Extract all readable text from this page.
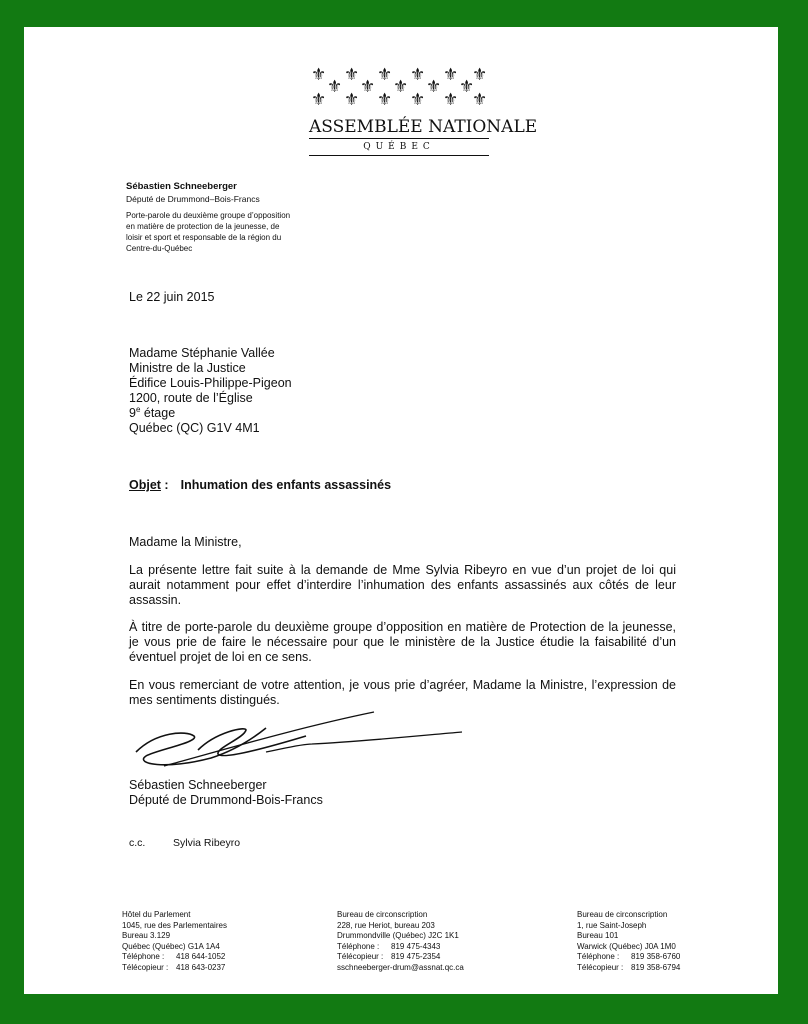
⚜ ⚜ ⚜ ⚜ ⚜ ⚜
⚜ ⚜ ⚜ ⚜ ⚜
⚜ ⚜ ⚜ ⚜ ⚜ ⚜
ASSEMBLÉE NATIONALE
QUÉBEC
Sébastien Schneeberger
Député de Drummond–Bois-Francs
Porte-parole du deuxième groupe d’opposition
en matière de protection de la jeunesse, de
loisir et sport et responsable de la région du
Centre-du-Québec
Le 22 juin 2015
Madame Stéphanie Vallée
Ministre de la Justice
Édifice Louis-Philippe-Pigeon
1200, route de l’Église
9e étage
Québec (QC) G1V 4M1
Objet : Inhumation des enfants assassinés
Madame la Ministre,
La présente lettre fait suite à la demande de Mme Sylvia Ribeyro en vue d’un projet de loi qui aurait notamment pour effet d’interdire l’inhumation des enfants assassinés aux côtés de leur assassin.
À titre de porte-parole du deuxième groupe d’opposition en matière de Protection de la jeunesse, je vous prie de faire le nécessaire pour que le ministère de la Justice étudie la faisabilité d’un éventuel projet de loi en ce sens.
En vous remerciant de votre attention, je vous prie d’agréer, Madame la Ministre, l’expression de mes sentiments distingués.
Sébastien Schneeberger
Député de Drummond-Bois-Francs
c.c.	Sylvia Ribeyro
Hôtel du Parlement
1045, rue des Parlementaires
Bureau 3.129
Québec (Québec) G1A 1A4
Téléphone : 418 644-1052
Télécopieur : 418 643-0237
Bureau de circonscription
228, rue Heriot, bureau 203
Drummondville (Québec) J2C 1K1
Téléphone : 819 475-4343
Télécopieur : 819 475-2354
sschneeberger-drum@assnat.qc.ca
Bureau de circonscription
1, rue Saint-Joseph
Bureau 101
Warwick (Québec) J0A 1M0
Téléphone : 819 358-6760
Télécopieur : 819 358-6794
